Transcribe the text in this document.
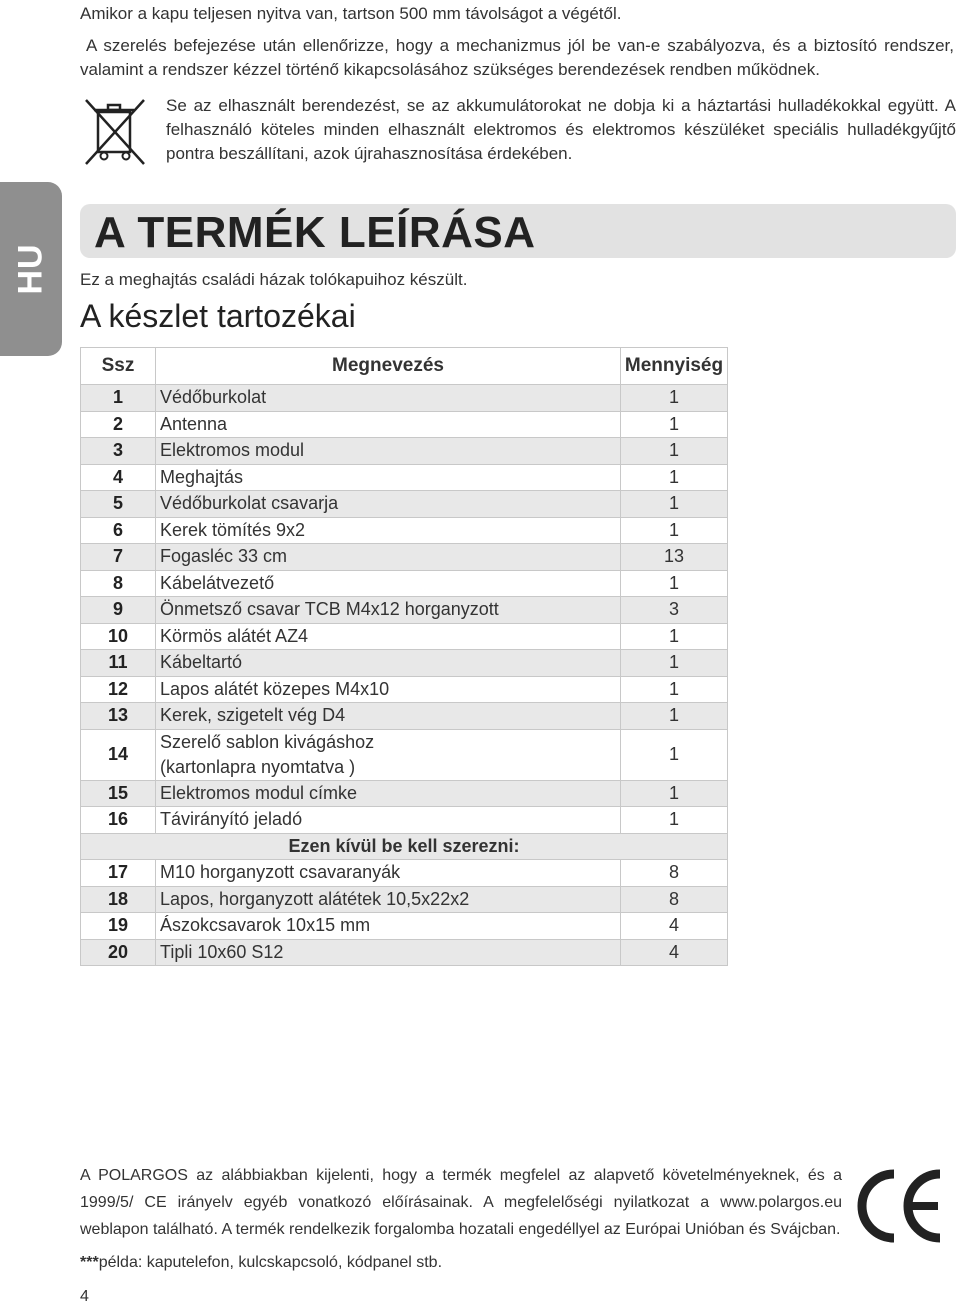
Amikor a kapu teljesen nyitva van, tartson 500 mm távolságot a végétől.
A szerelés befejezése után ellenőrizze, hogy a mechanizmus jól be van-e szabályozva, és a biztosító rendszer, valamint a rendszer kézzel történő kikapcsolásához szükséges berendezések rendben működnek.
Se az elhasznált berendezést, se az akkumulátorokat ne dobja ki a háztartási hulladékokkal együtt. A felhasználó köteles minden elhasznált elektromos és elektromos készüléket speciális hulladékgyűjtő pontra beszállítani, azok újrahasznosítása érdekében.
HU
A TERMÉK LEÍRÁSA
Ez a meghajtás családi házak tolókapuihoz készült.
A készlet tartozékai
Ssz	Megnevezés	Mennyiség
1	Védőburkolat	1
2	Antenna	1
3	Elektromos modul	1
4	Meghajtás	1
5	Védőburkolat csavarja	1
6	Kerek tömítés 9x2	1
7	Fogasléc 33 cm	13
8	Kábelátvezető	1
9	Önmetsző csavar TCB M4x12 horganyzott	3
10	Körmös alátét AZ4	1
11	Kábeltartó	1
12	Lapos alátét közepes M4x10	1
13	Kerek, szigetelt vég D4	1
14	Szerelő sablon kivágáshoz
(kartonlapra nyomtatva )	1
15	Elektromos modul címke	1
16	Távirányító jeladó	1
Ezen kívül be kell szerezni:		
17	M10 horganyzott csavaranyák	8
18	Lapos, horganyzott alátétek 10,5x22x2	8
19	Ászokcsavarok 10x15 mm	4
20	Tipli 10x60 S12	4
A POLARGOS az alábbiakban kijelenti, hogy a termék megfelel az alapvető követelményeknek, és a 1999/5/ CE irányelv egyéb vonatkozó előírásainak. A megfelelőségi nyilatkozat a www.polargos.eu weblapon található. A termék rendelkezik forgalomba hozatali engedéllyel az Európai Unióban és Svájcban.
***példa: kaputelefon, kulcskapcsoló, kódpanel stb.
4
